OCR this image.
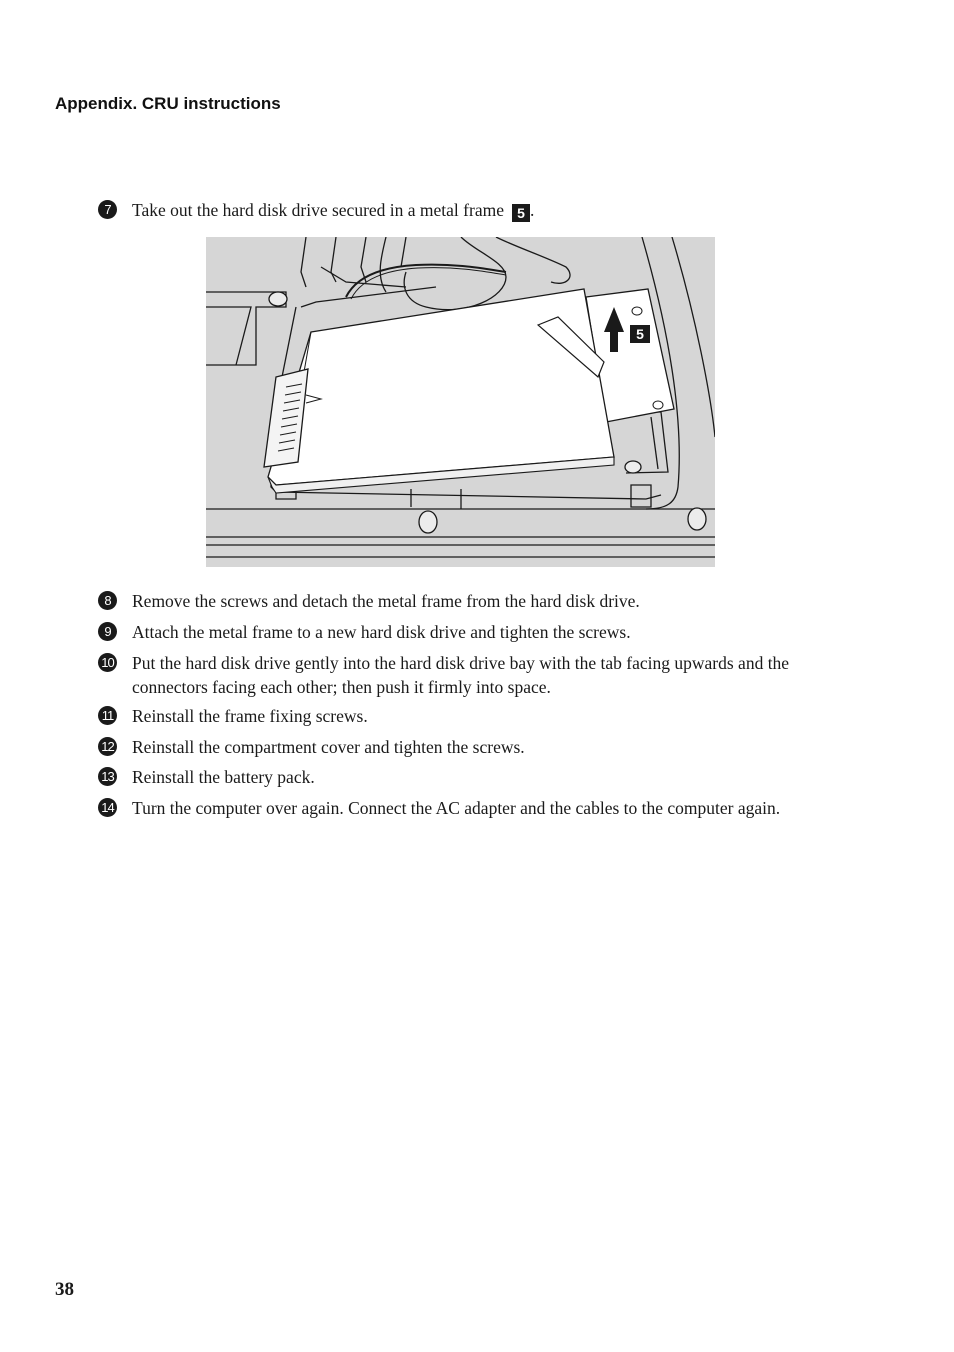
Appendix. CRU instructions
7	Take out the hard disk drive secured in a metal frame 5 .
5
8	Remove the screws and detach the metal frame from the hard disk drive.
9	Attach the metal frame to a new hard disk drive and tighten the screws.
10 Put the hard disk drive gently into the hard disk drive bay with the tab facing upwards and the connectors facing each other; then push it firmly into space.
11 Reinstall the frame fixing screws.
12 Reinstall the compartment cover and tighten the screws.
13 Reinstall the battery pack.
14 Turn the computer over again. Connect the AC adapter and the cables to the computer again.
38
